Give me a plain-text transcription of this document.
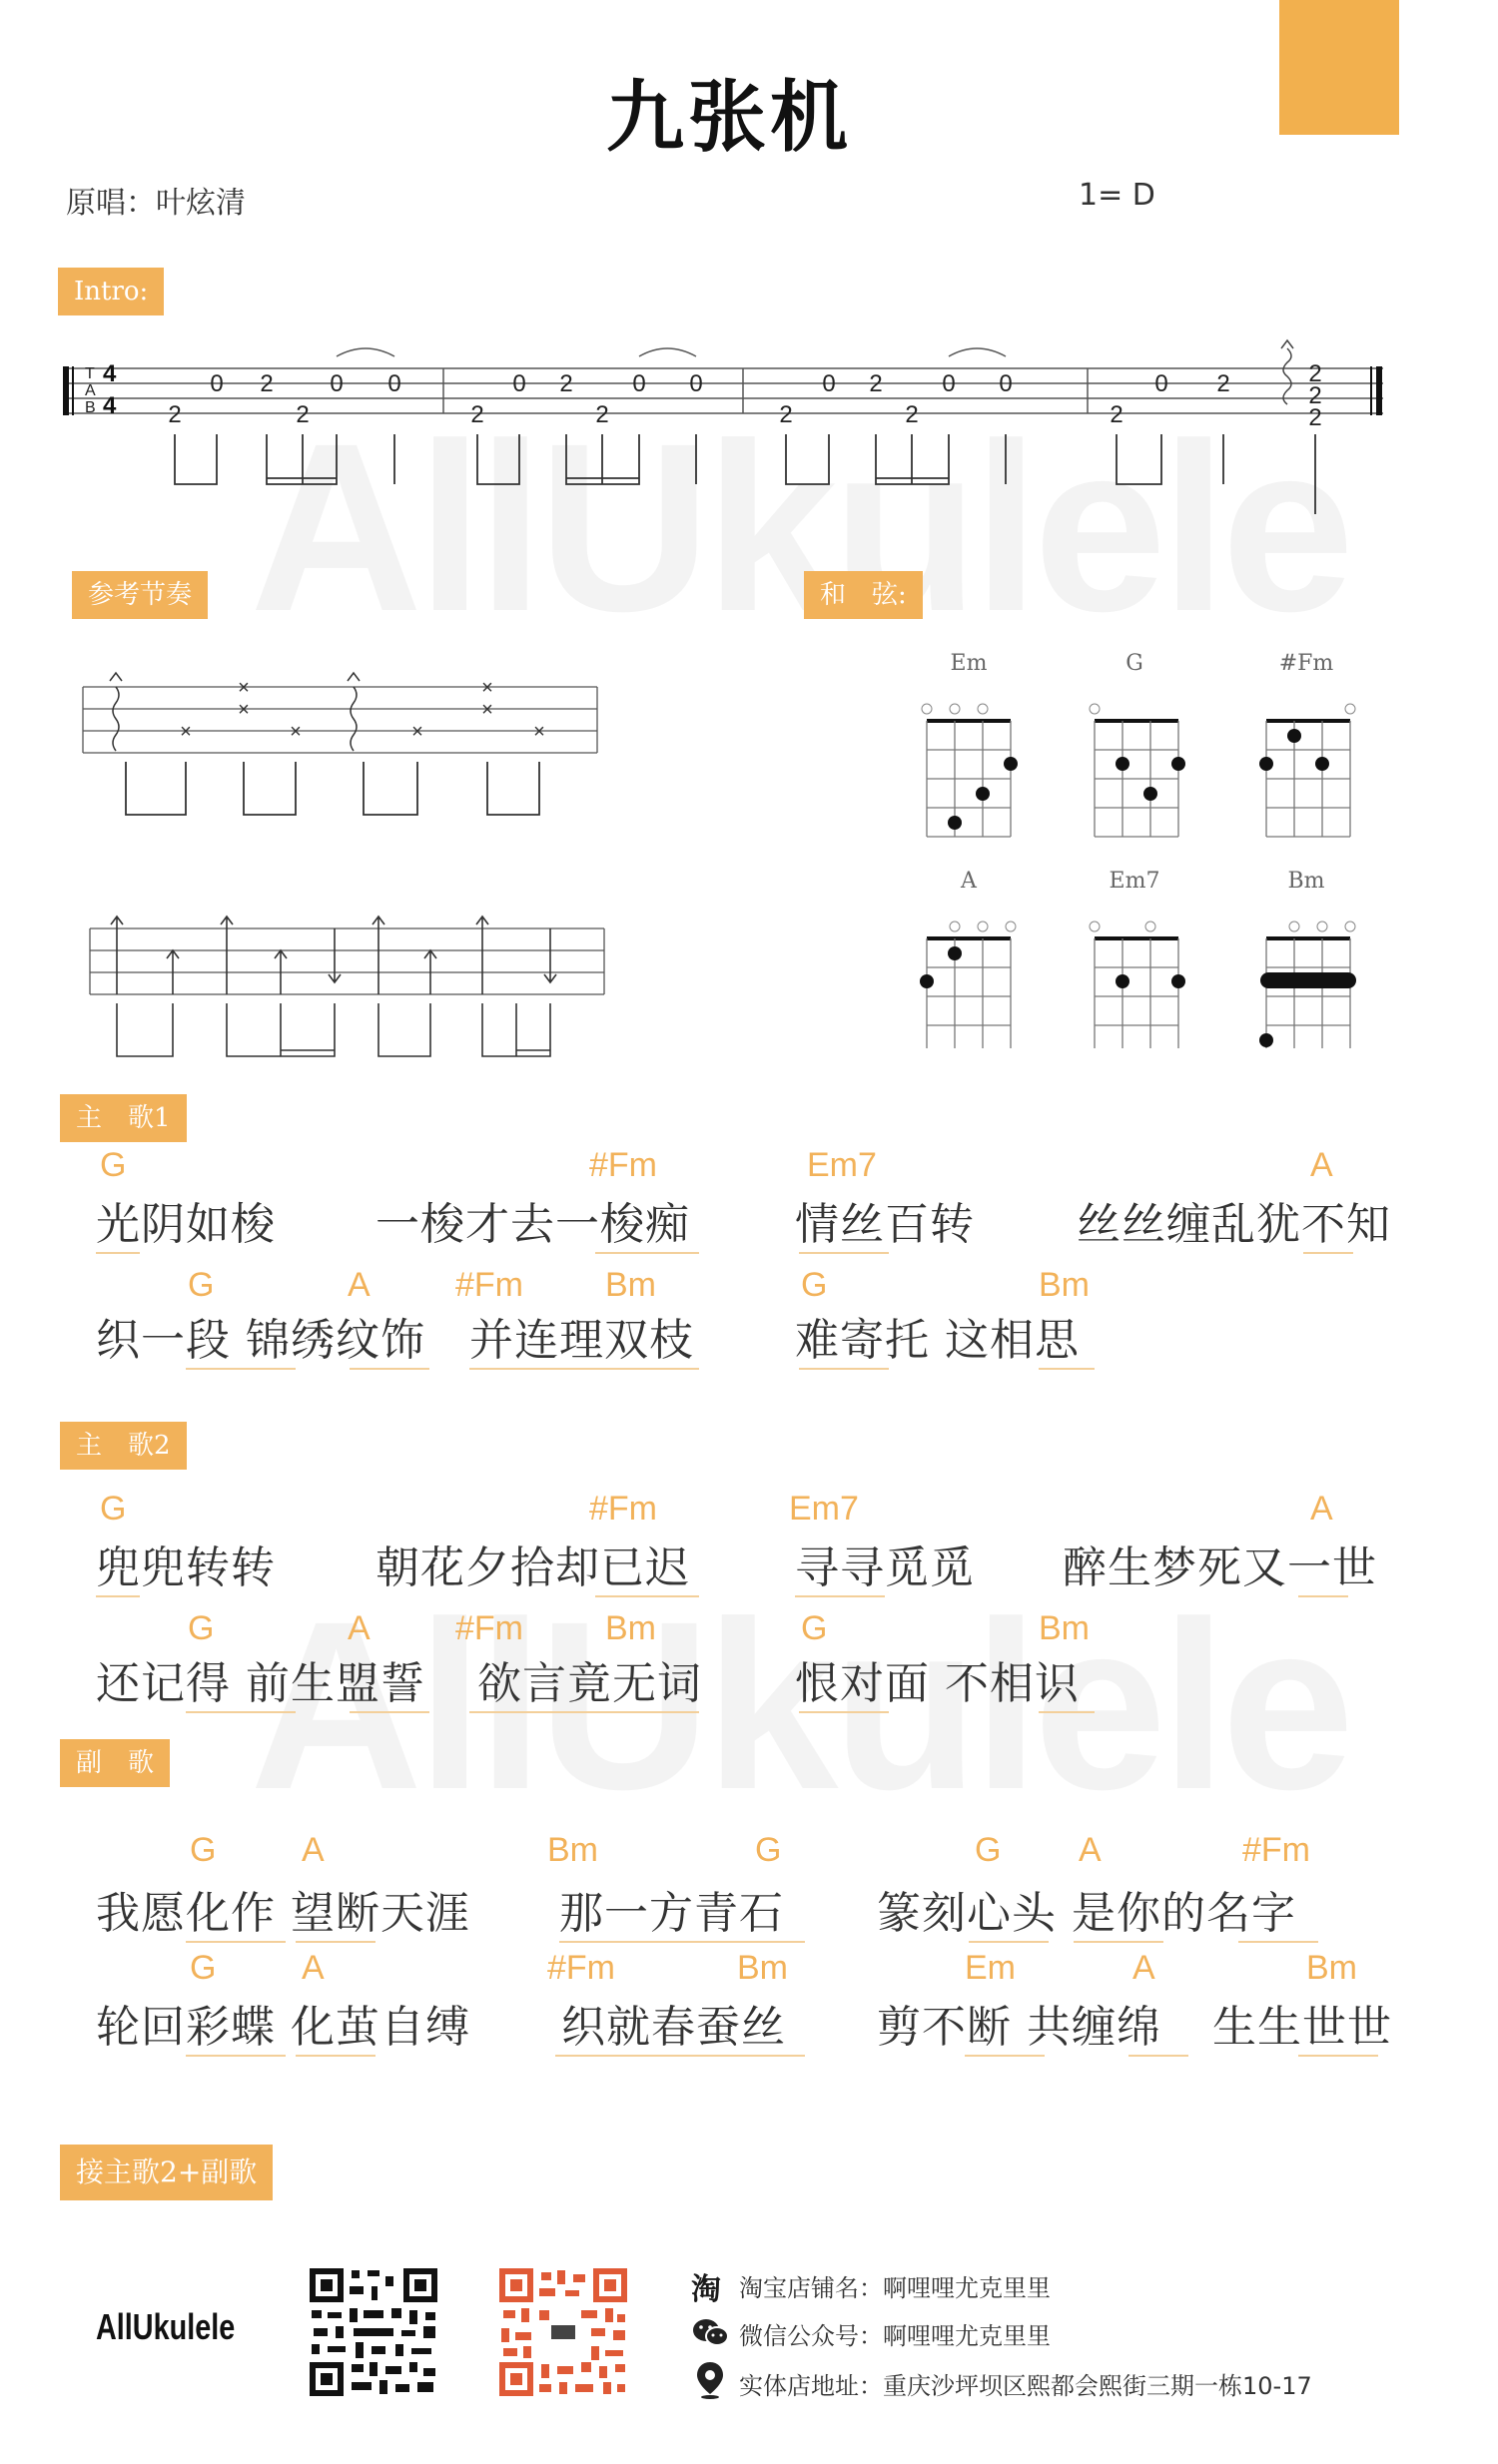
九张机
原唱：叶炫清	1= D
Intro:
T
A
B
4
4 2
0 2
2
0 0
2
0 2
2
0 0
2
0 2
2
0 0
2
0 2	2
2
2
参考节奏	和　弦:
×
×
×
×	×
×
×
×
Em	G	#Fm
A	Em7	Bm
主　歌1
G	#Fm	Em7	A
光阴如梭 一梭才去一梭痴 情丝百转 丝丝缠乱犹不知
G	A	#Fm Bm	G	Bm
织一段 锦绣纹饰 并连理双枝 难寄托 这相思
主　歌2
G	#Fm	Em7	A
兜兜转转 朝花夕拾却已迟 寻寻觅觅 醉生梦死又一世
G	A	#Fm Bm	G	Bm
还记得 前生盟誓 欲言竟无词 恨对面 不相识
副　歌
G	A	Bm	G	G A	#Fm
我愿化作 望断天涯 那一方青石 篆刻心头 是你的名字
G	A	#Fm	Bm	Em	A	Bm
轮回彩蝶 化茧自缚 织就春蚕丝 剪不断 共缠绵 生生世世
接主歌2+副歌
AllUkulele
淘 淘宝店铺名：啊哩哩尤克里里
微信公众号：啊哩哩尤克里里
实体店地址：重庆沙坪坝区熙都会熙街三期一栋10-17
